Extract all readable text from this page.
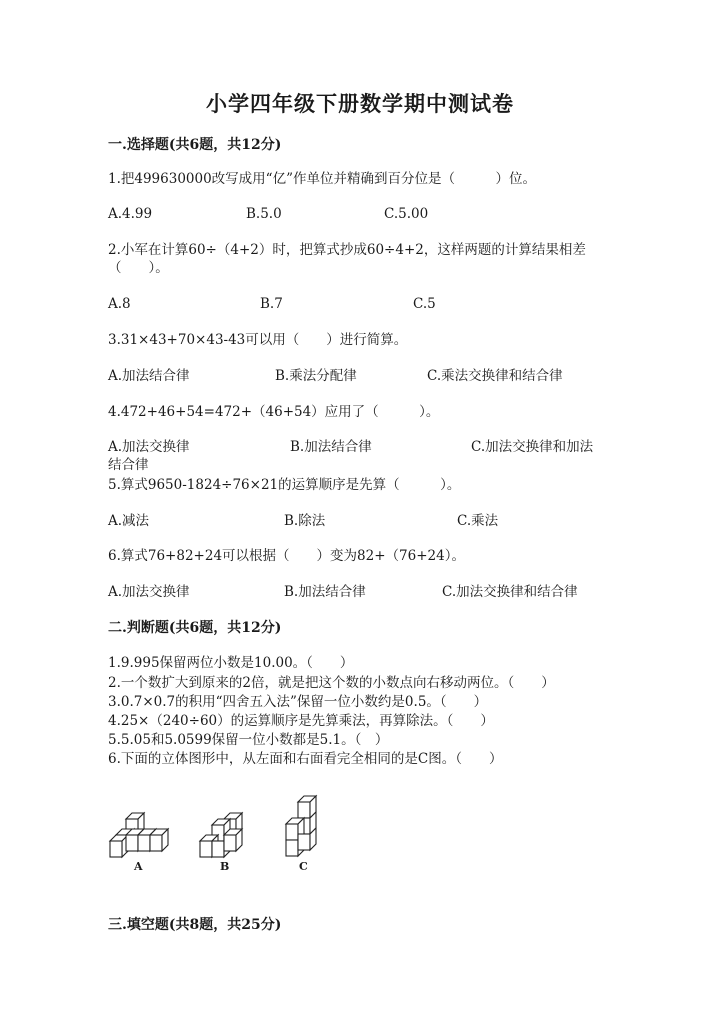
小学四年级下册数学期中测试卷
一.选择题(共6题，共12分)
1.把499630000改写成用“亿”作单位并精确到百分位是（　　　）位。
A.4.99	B.5.0	C.5.00
2.小军在计算60÷（4+2）时，把算式抄成60÷4+2，这样两题的计算结果相差
（　　）。
A.8	B.7	C.5
3.31×43+70×43-43可以用（　　）进行简算。
A.加法结合律	B.乘法分配律	C.乘法交换律和结合律
4.472+46+54=472+（46+54）应用了（　　　）。
A.加法交换律	B.加法结合律	C.加法交换律和加法
结合律
5.算式9650-1824÷76×21的运算顺序是先算（　　　）。
A.减法	B.除法	C.乘法
6.算式76+82+24可以根据（　　）变为82+（76+24）。
A.加法交换律	B.加法结合律	C.加法交换律和结合律
二.判断题(共6题，共12分)
1.9.995保留两位小数是10.00。（　　）
2.一个数扩大到原来的2倍，就是把这个数的小数点向右移动两位。（　　）
3.0.7×0.7的积用“四舍五入法”保留一位小数约是0.5。（　　）
4.25×（240÷60）的运算顺序是先算乘法，再算除法。（　　）
5.5.05和5.0599保留一位小数都是5.1。（　）
6.下面的立体图形中，从左面和右面看完全相同的是C图。（　　）
A	B	C
三.填空题(共8题，共25分)
